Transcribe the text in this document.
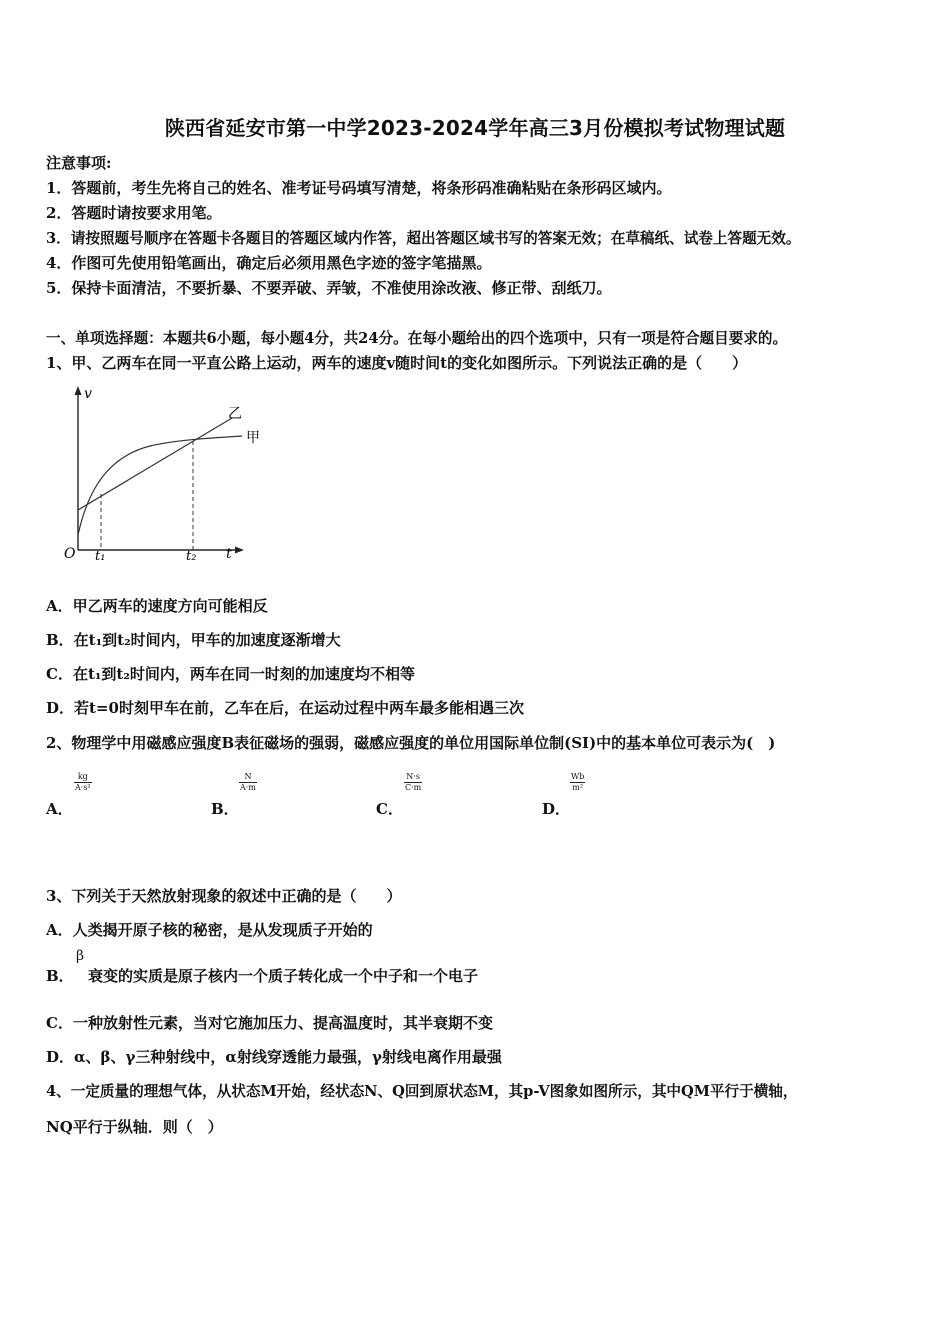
陕西省延安市第一中学2023-2024学年高三3月份模拟考试物理试题
注意事项:
1．答题前，考生先将自己的姓名、准考证号码填写清楚，将条形码准确粘贴在条形码区域内。
2．答题时请按要求用笔。
3．请按照题号顺序在答题卡各题目的答题区域内作答，超出答题区域书写的答案无效；在草稿纸、试卷上答题无效。
4．作图可先使用铅笔画出，确定后必须用黑色字迹的签字笔描黑。
5．保持卡面清洁，不要折暴、不要弄破、弄皱，不准使用涂改液、修正带、刮纸刀。
一、单项选择题：本题共6小题，每小题4分，共24分。在每小题给出的四个选项中，只有一项是符合题目要求的。
1、甲、乙两车在同一平直公路上运动，两车的速度v随时间t的变化如图所示。下列说法正确的是（　　）
v
t
O t₁	t₂
乙
甲
A．甲乙两车的速度方向可能相反
B．在t₁到t₂时间内，甲车的加速度逐渐增大
C．在t₁到t₂时间内，两车在同一时刻的加速度均不相等
D．若t=0时刻甲车在前，乙车在后，在运动过程中两车最多能相遇三次
2、物理学中用磁感应强度B表征磁场的强弱，磁感应强度的单位用国际单位制(SI)中的基本单位可表示为(　)
A．
kg
A·s²
B．
N
A·m
C．
N·s
C·m
D．
Wb
m²
3、下列关于天然放射现象的叙述中正确的是（　　）
A．人类揭开原子核的秘密，是从发现质子开始的
B．
β
衰变的实质是原子核内一个质子转化成一个中子和一个电子
C．一种放射性元素，当对它施加压力、提高温度时，其半衰期不变
D．α、β、γ三种射线中，α射线穿透能力最强，γ射线电离作用最强
4、一定质量的理想气体，从状态M开始，经状态N、Q回到原状态M，其p-V图象如图所示，其中QM平行于横轴，
NQ平行于纵轴．则（　）
